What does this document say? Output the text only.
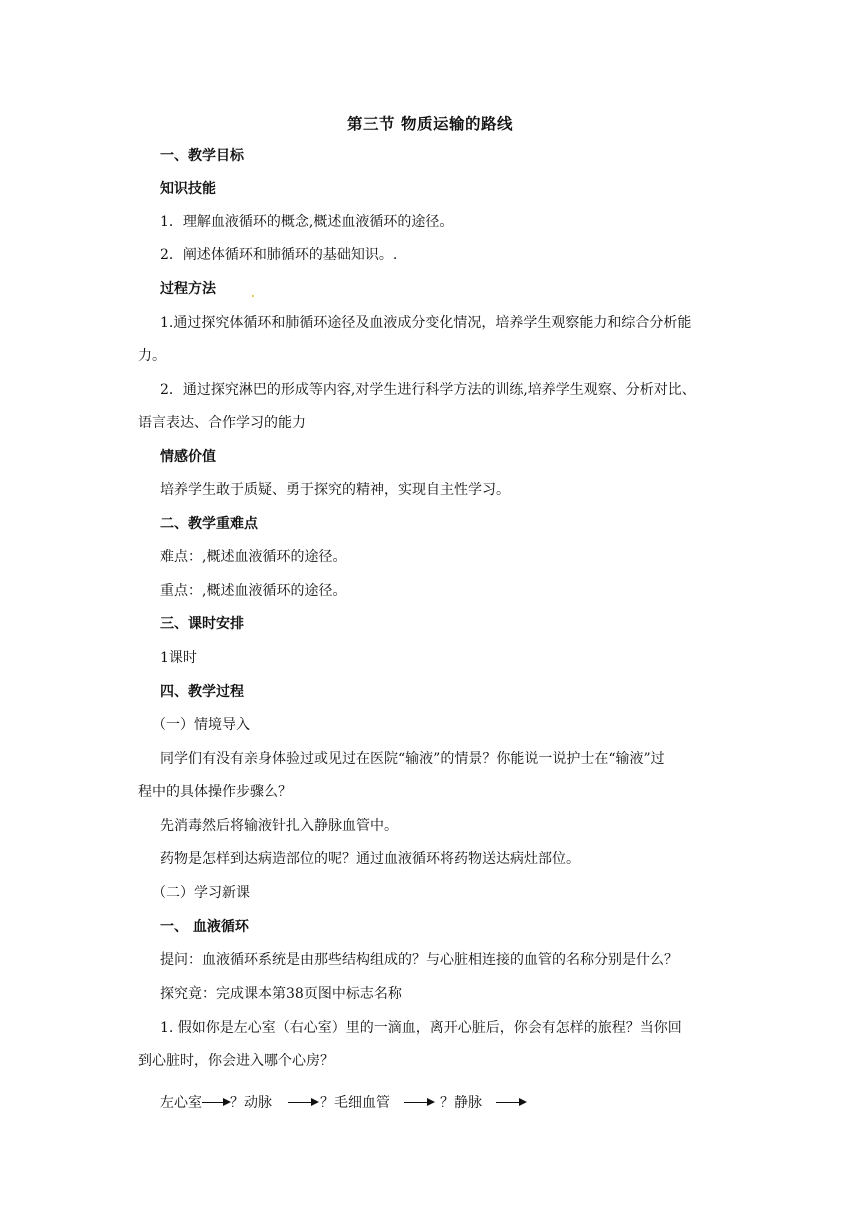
第三节 物质运输的路线
一、教学目标
知识技能
1．理解血液循环的概念,概述血液循环的途径。
2．阐述体循环和肺循环的基础知识。.
过程方法
1.通过探究体循环和肺循环途径及血液成分变化情况，培养学生观察能力和综合分析能
力。
2．通过探究淋巴的形成等内容,对学生进行科学方法的训练,培养学生观察、分析对比、
语言表达、合作学习的能力
情感价值
培养学生敢于质疑、勇于探究的精神，实现自主性学习。
二、教学重难点
难点：,概述血液循环的途径。
重点：,概述血液循环的途径。
三、课时安排
1课时
四、教学过程
（一）情境导入
同学们有没有亲身体验过或见过在医院“输液”的情景？你能说一说护士在“输液”过
程中的具体操作步骤么？
先消毒然后将输液针扎入静脉血管中。
药物是怎样到达病造部位的呢？通过血液循环将药物送达病灶部位。
（二）学习新课
一、 血液循环
提问：血液循环系统是由那些结构组成的？与心脏相连接的血管的名称分别是什么？
探究竟：完成课本第38页图中标志名称
1. 假如你是左心室（右心室）里的一滴血，离开心脏后，你会有怎样的旅程？当你回
到心脏时，你会进入哪个心房？
左心室 ？动脉	？毛细血管	？静脉
